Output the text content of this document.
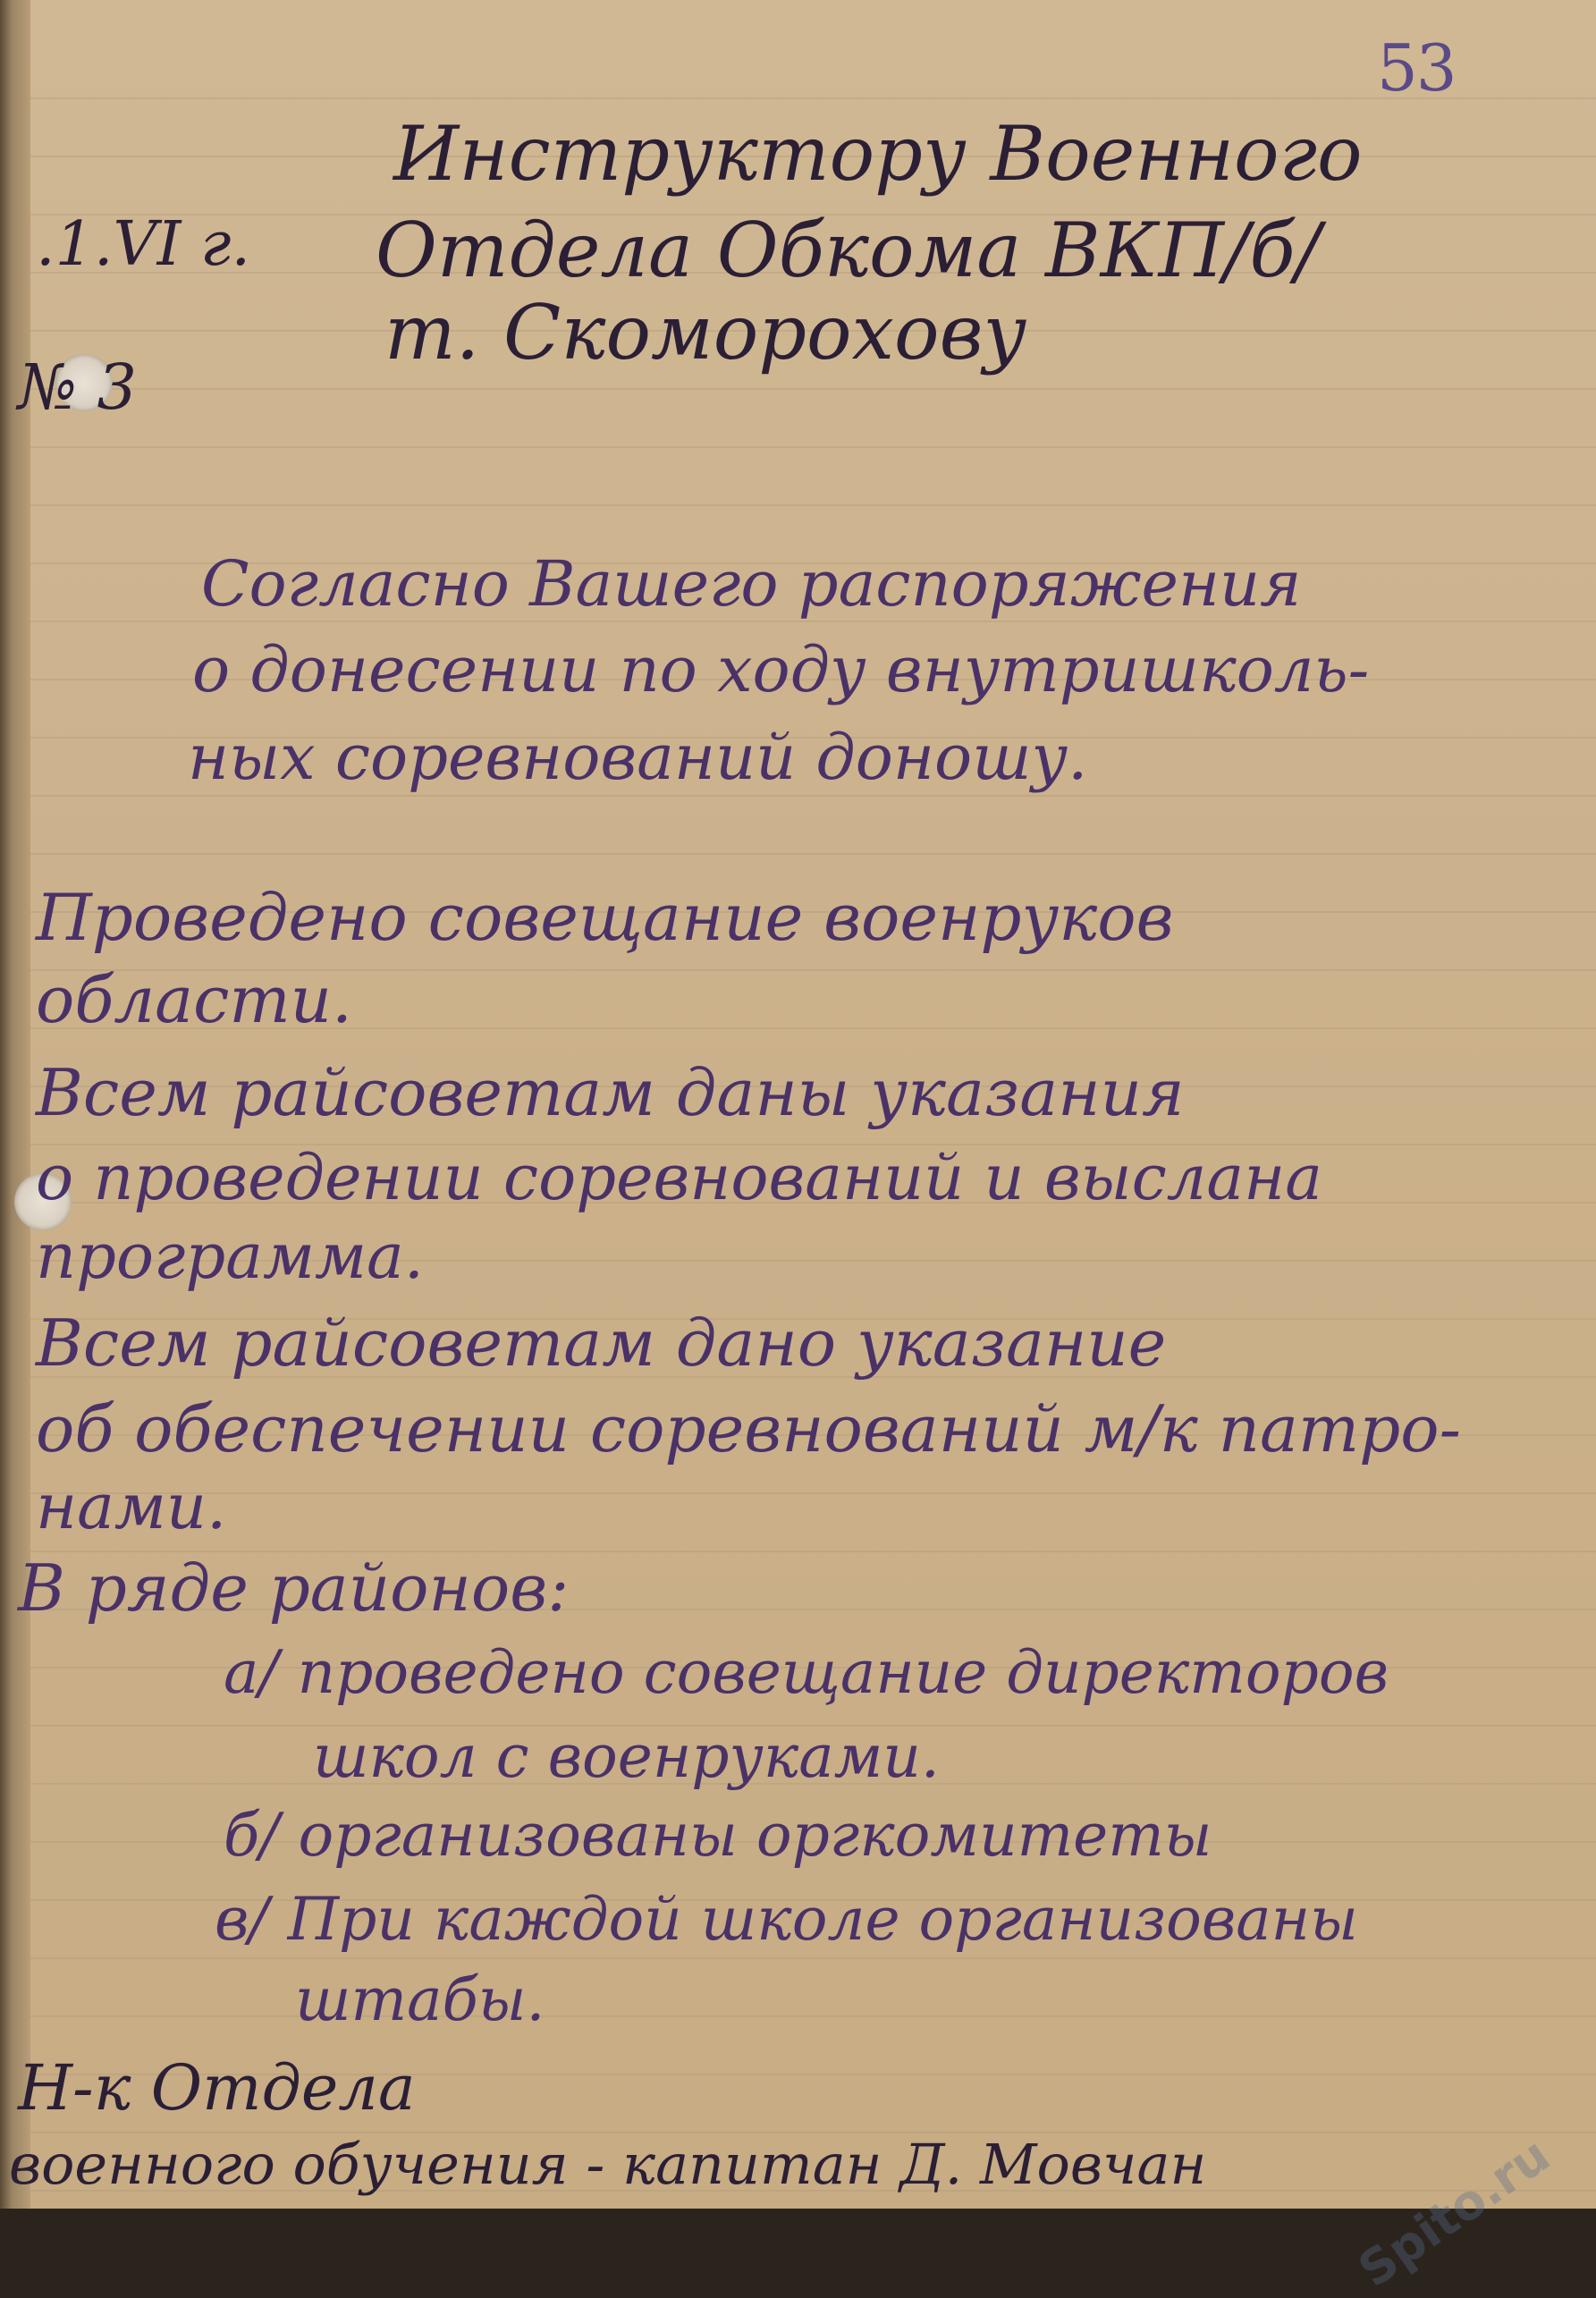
53
.1.VI г.
№ 3
Инструктору Военного
Отдела Обкома ВКП/б/
т. Скоморохову
Согласно Вашего распоряжения
о донесении по ходу внутришколь-
ных соревнований доношу.
Проведено совещание военруков
области.
Всем райсоветам даны указания
о проведении соревнований и выслана
программа.
Всем райсоветам дано указание
об обеспечении соревнований м/к патро-
нами.
В ряде районов:
а/ проведено совещание директоров
школ с военруками.
б/ организованы оргкомитеты
в/ При каждой школе организованы
штабы.
Н-к Отдела
военного обучения - капитан Д. Мовчан	Spito.ru
